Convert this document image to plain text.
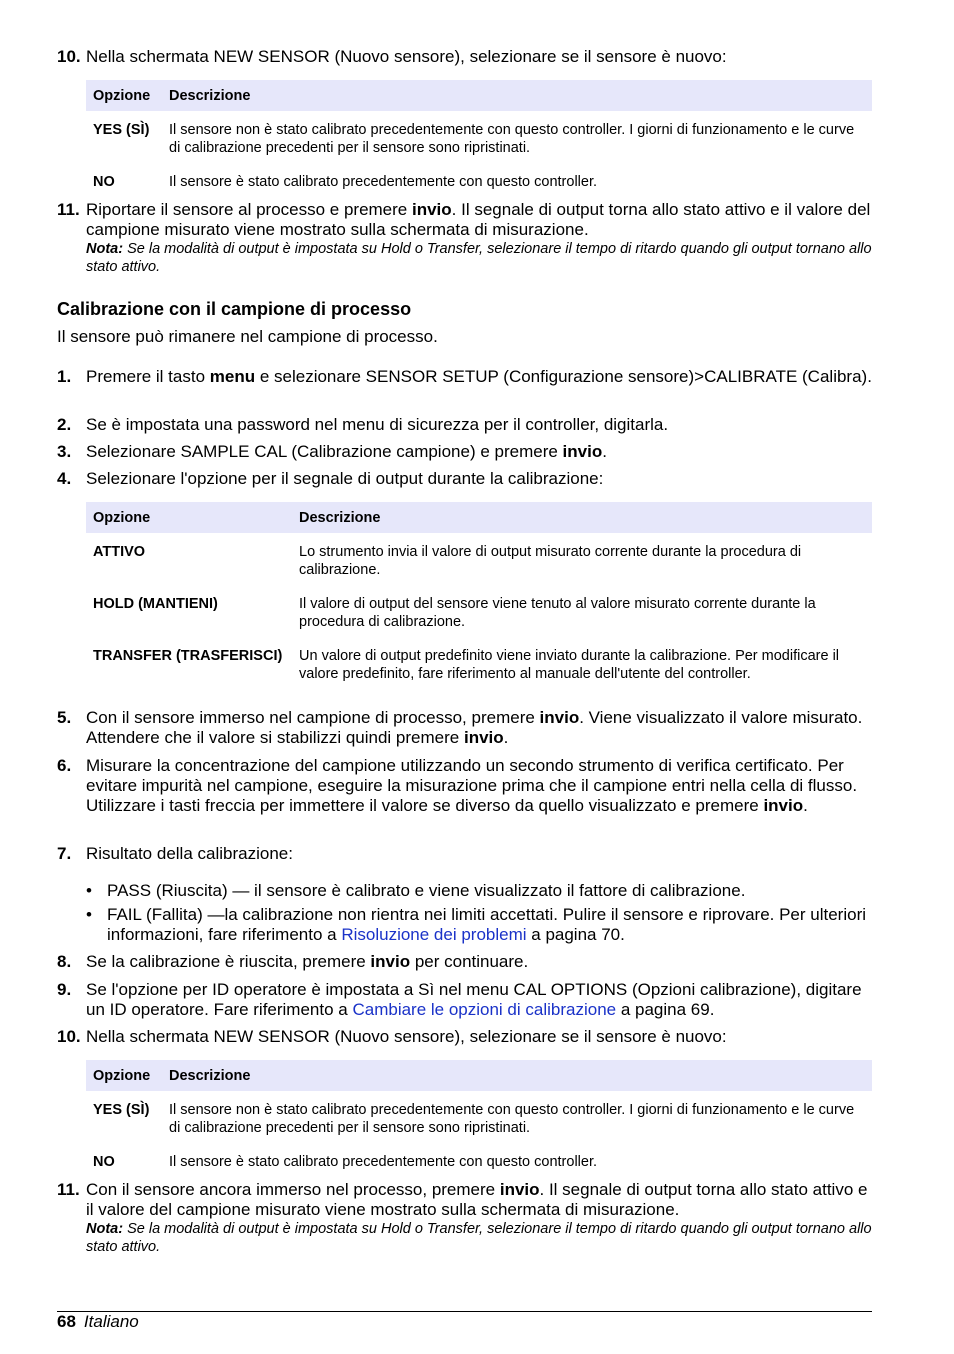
10. Nella schermata NEW SENSOR (Nuovo sensore), selezionare se il sensore è nuovo:
Opzione	Descrizione
YES (SÌ)	Il sensore non è stato calibrato precedentemente con questo controller. I giorni di funzionamento e le curve di calibrazione precedenti per il sensore sono ripristinati.
NO	Il sensore è stato calibrato precedentemente con questo controller.
11. Riportare il sensore al processo e premere invio. Il segnale di output torna allo stato attivo e il valore del campione misurato viene mostrato sulla schermata di misurazione.
Nota: Se la modalità di output è impostata su Hold o Transfer, selezionare il tempo di ritardo quando gli output tornano allo stato attivo.
Calibrazione con il campione di processo
Il sensore può rimanere nel campione di processo.
1. Premere il tasto menu e selezionare SENSOR SETUP (Configurazione sensore)>CALIBRATE (Calibra).
2. Se è impostata una password nel menu di sicurezza per il controller, digitarla.
3. Selezionare SAMPLE CAL (Calibrazione campione) e premere invio.
4. Selezionare l'opzione per il segnale di output durante la calibrazione:
Opzione	Descrizione
ATTIVO	Lo strumento invia il valore di output misurato corrente durante la procedura di calibrazione.
HOLD (MANTIENI)	Il valore di output del sensore viene tenuto al valore misurato corrente durante la procedura di calibrazione.
TRANSFER (TRASFERISCI)	Un valore di output predefinito viene inviato durante la calibrazione. Per modificare il valore predefinito, fare riferimento al manuale dell'utente del controller.
5. Con il sensore immerso nel campione di processo, premere invio. Viene visualizzato il valore misurato. Attendere che il valore si stabilizzi quindi premere invio.
6. Misurare la concentrazione del campione utilizzando un secondo strumento di verifica certificato. Per evitare impurità nel campione, eseguire la misurazione prima che il campione entri nella cella di flusso. Utilizzare i tasti freccia per immettere il valore se diverso da quello visualizzato e premere invio.
7. Risultato della calibrazione:
• PASS (Riuscita) — il sensore è calibrato e viene visualizzato il fattore di calibrazione.
• FAIL (Fallita) —la calibrazione non rientra nei limiti accettati. Pulire il sensore e riprovare. Per ulteriori informazioni, fare riferimento a Risoluzione dei problemi a pagina 70.
8. Se la calibrazione è riuscita, premere invio per continuare.
9. Se l'opzione per ID operatore è impostata a Sì nel menu CAL OPTIONS (Opzioni calibrazione), digitare un ID operatore. Fare riferimento a Cambiare le opzioni di calibrazione a pagina 69.
10. Nella schermata NEW SENSOR (Nuovo sensore), selezionare se il sensore è nuovo:
Opzione	Descrizione
YES (SÌ)	Il sensore non è stato calibrato precedentemente con questo controller. I giorni di funzionamento e le curve di calibrazione precedenti per il sensore sono ripristinati.
NO	Il sensore è stato calibrato precedentemente con questo controller.
11. Con il sensore ancora immerso nel processo, premere invio. Il segnale di output torna allo stato attivo e il valore del campione misurato viene mostrato sulla schermata di misurazione.
Nota: Se la modalità di output è impostata su Hold o Transfer, selezionare il tempo di ritardo quando gli output tornano allo stato attivo.
68 Italiano
